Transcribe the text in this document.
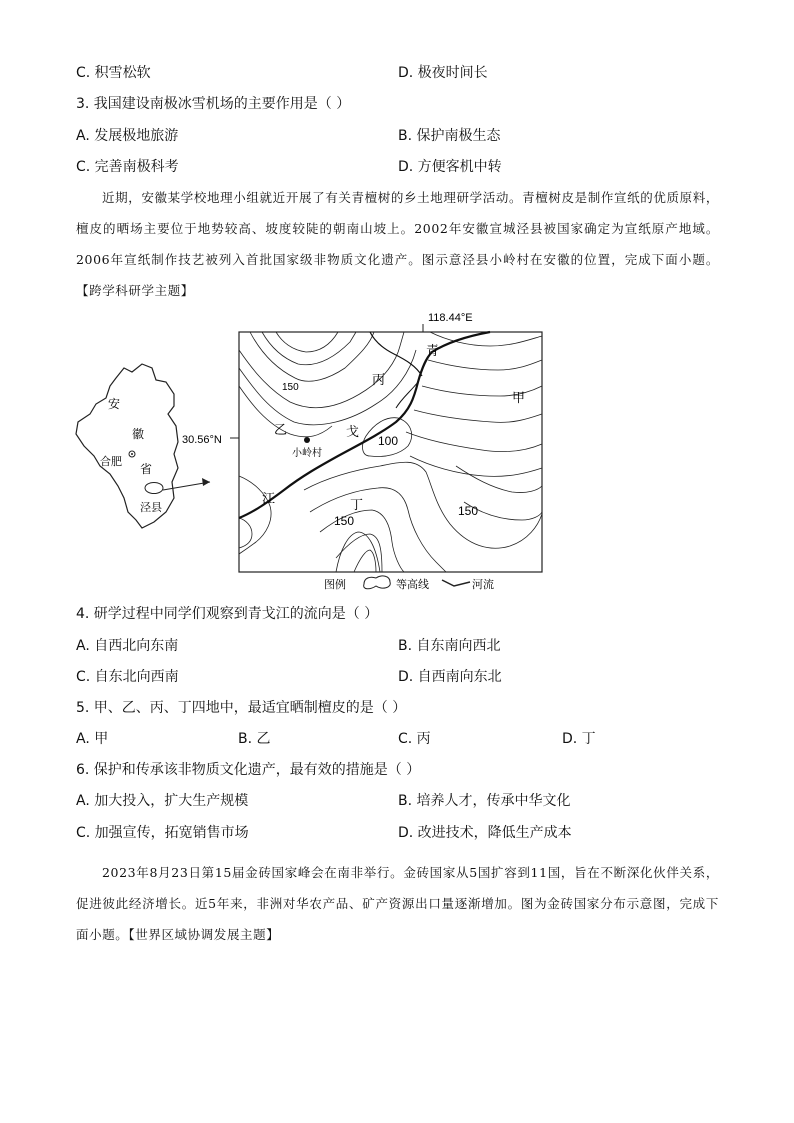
C. 积雪松软	D. 极夜时间长
3. 我国建设南极冰雪机场的主要作用是（ ）
A. 发展极地旅游	B. 保护南极生态
C. 完善南极科考	D. 方便客机中转
近期，安徽某学校地理小组就近开展了有关青檀树的乡土地理研学活动。青檀树皮是制作宣纸的优质原料，檀皮的晒场主要位于地势较高、坡度较陡的朝南山坡上。2002年安徽宣城泾县被国家确定为宣纸原产地域。2006年宣纸制作技艺被列入首批国家级非物质文化遗产。图示意泾县小岭村在安徽的位置，完成下面小题。【跨学科研学主题】
安
徽
省
合肥
泾县
118.44°E
30.56°N
青
戈
江
甲
乙
丙
丁
小岭村
150
100
150
150
图例	等高线	河流
4. 研学过程中同学们观察到青戈江的流向是（ ）
A. 自西北向东南	B. 自东南向西北
C. 自东北向西南	D. 自西南向东北
5. 甲、乙、丙、丁四地中，最适宜晒制檀皮的是（ ）
A. 甲	B. 乙	C. 丙	D. 丁
6. 保护和传承该非物质文化遗产，最有效的措施是（ ）
A. 加大投入，扩大生产规模	B. 培养人才，传承中华文化
C. 加强宣传，拓宽销售市场	D. 改进技术，降低生产成本
2023年8月23日第15届金砖国家峰会在南非举行。金砖国家从5国扩容到11国，旨在不断深化伙伴关系，促进彼此经济增长。近5年来，非洲对华农产品、矿产资源出口量逐渐增加。图为金砖国家分布示意图，完成下面小题。【世界区域协调发展主题】
